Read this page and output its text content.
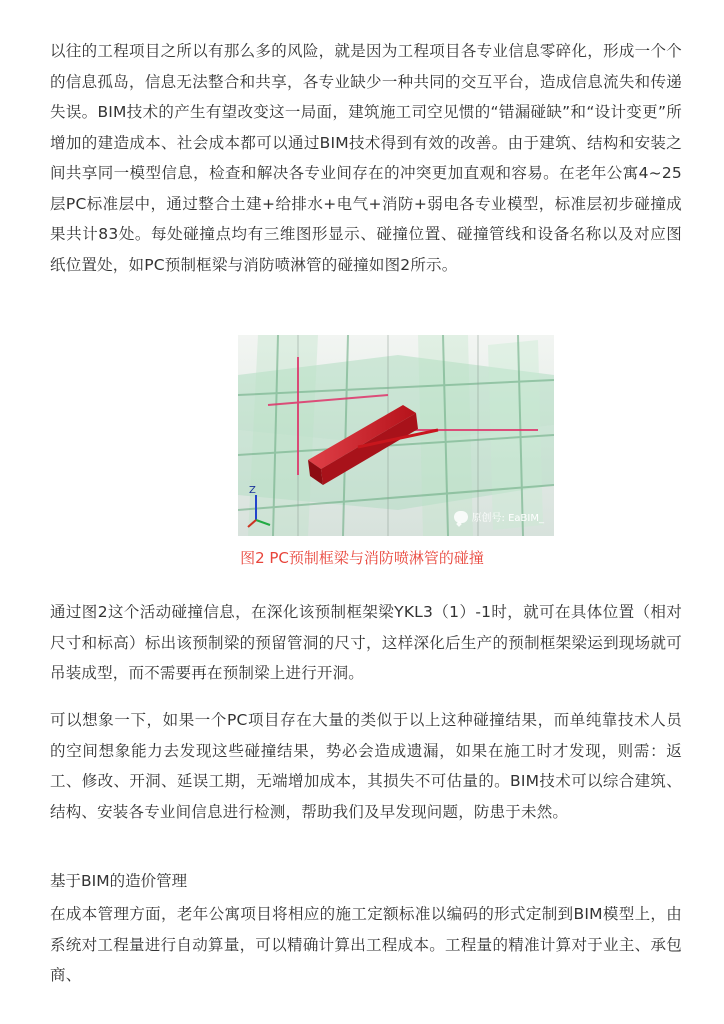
以往的工程项目之所以有那么多的风险，就是因为工程项目各专业信息零碎化，形成一个个的信息孤岛，信息无法整合和共享，各专业缺少一种共同的交互平台，造成信息流失和传递失误。BIM技术的产生有望改变这一局面，建筑施工司空见惯的“错漏碰缺”和“设计变更”所增加的建造成本、社会成本都可以通过BIM技术得到有效的改善。由于建筑、结构和安装之间共享同一模型信息，检查和解决各专业间存在的冲突更加直观和容易。在老年公寓4~25层PC标准层中，通过整合土建+给排水+电气+消防+弱电各专业模型，标准层初步碰撞成果共计83处。每处碰撞点均有三维图形显示、碰撞位置、碰撞管线和设备名称以及对应图纸位置处，如PC预制框梁与消防喷淋管的碰撞如图2所示。

Z
原创号: EaBIM_
图2 PC预制框梁与消防喷淋管的碰撞

通过图2这个活动碰撞信息，在深化该预制框架梁YKL3（1）-1时，就可在具体位置（相对尺寸和标高）标出该预制梁的预留管洞的尺寸，这样深化后生产的预制框架梁运到现场就可吊装成型，而不需要再在预制梁上进行开洞。

可以想象一下，如果一个PC项目存在大量的类似于以上这种碰撞结果，而单纯靠技术人员的空间想象能力去发现这些碰撞结果，势必会造成遗漏，如果在施工时才发现，则需：返工、修改、开洞、延误工期，无端增加成本，其损失不可估量的。BIM技术可以综合建筑、结构、安装各专业间信息进行检测，帮助我们及早发现问题，防患于未然。

基于BIM的造价管理

在成本管理方面，老年公寓项目将相应的施工定额标准以编码的形式定制到BIM模型上，由系统对工程量进行自动算量，可以精确计算出工程成本。工程量的精准计算对于业主、承包商、
